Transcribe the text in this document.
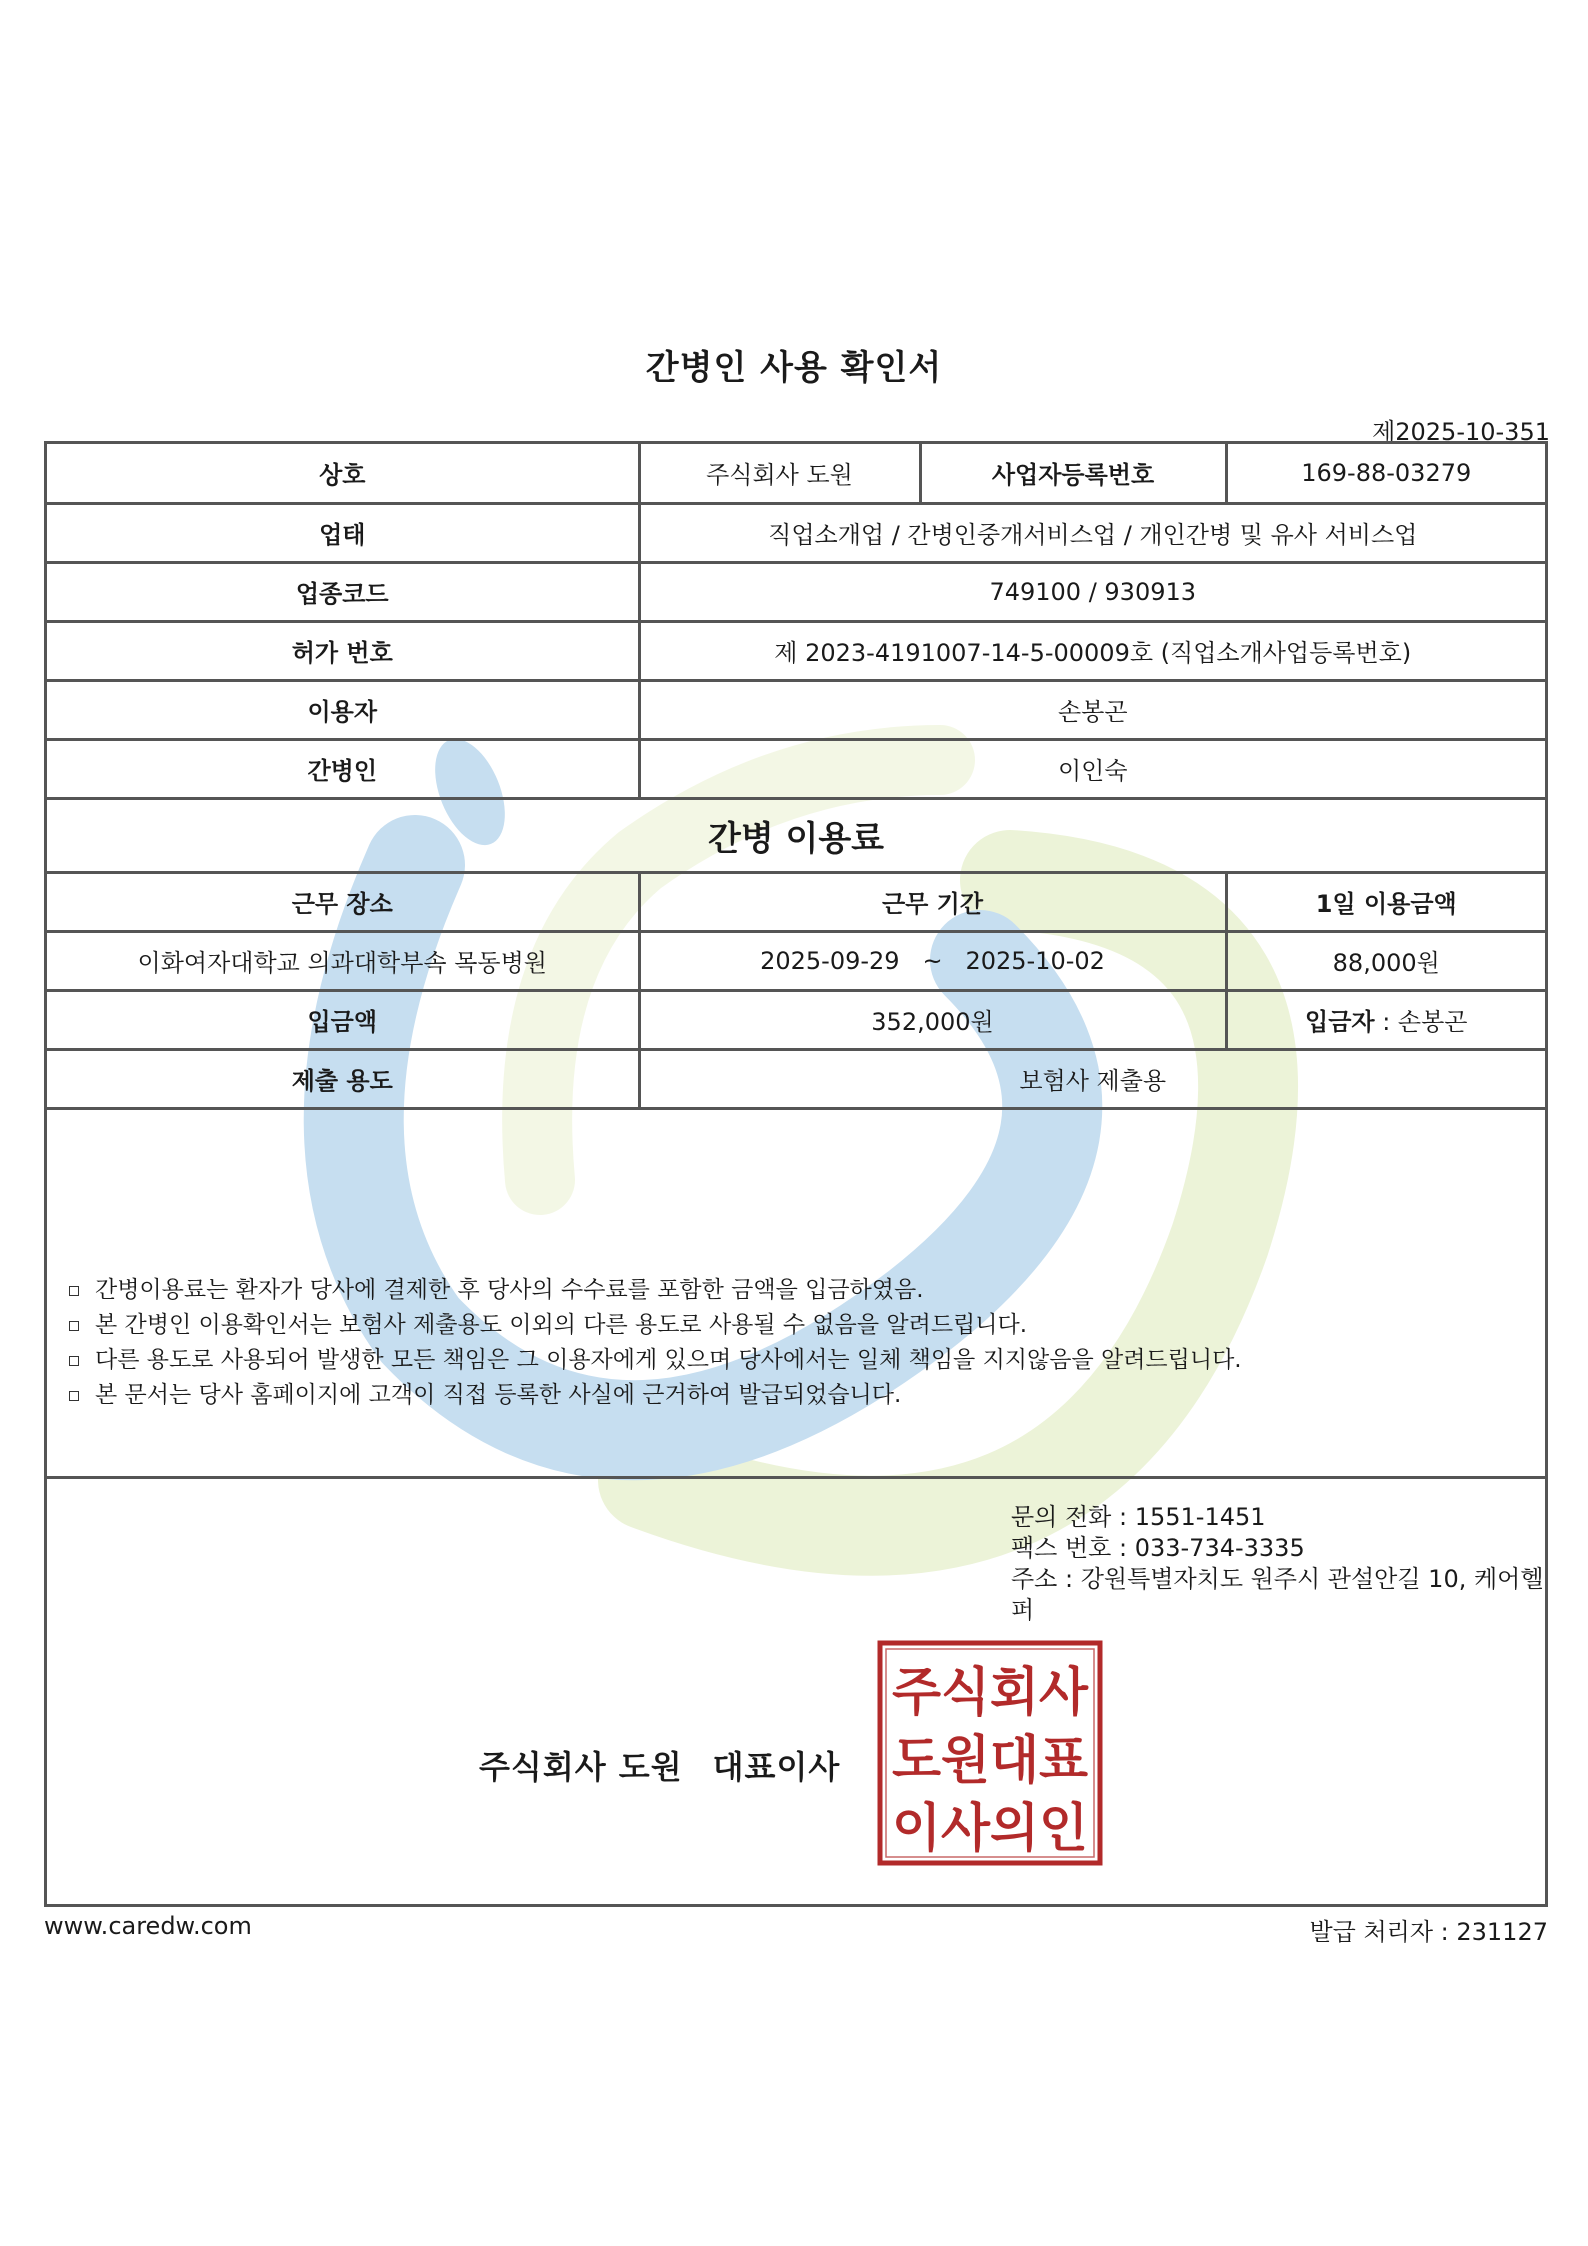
간병인 사용 확인서
제2025-10-351
상호	주식회사 도원	사업자등록번호	169-88-03279
업태	직업소개업 / 간병인중개서비스업 / 개인간병 및 유사 서비스업		
업종코드	749100 / 930913		
허가 번호	제 2023-4191007-14-5-00009호 (직업소개사업등록번호)		
이용자	손봉곤		
간병인	이인숙		
간병 이용료			
근무 장소	근무 기간		1일 이용금액
이화여자대학교 의과대학부속 목동병원	2025-09-29   ~   2025-10-02		88,000원
입금액	352,000원		입금자 : 손봉곤
제출 용도	보험사 제출용		
간병이용료는 환자가 당사에 결제한 후 당사의 수수료를 포함한 금액을 입금하였음.
본 간병인 이용확인서는 보험사 제출용도 이외의 다른 용도로 사용될 수 없음을 알려드립니다.
다른 용도로 사용되어 발생한 모든 책임은 그 이용자에게 있으며 당사에서는 일체 책임을 지지않음을 알려드립니다.
본 문서는 당사 홈페이지에 고객이 직접 등록한 사실에 근거하여 발급되었습니다.
문의 전화 : 1551-1451
팩스 번호 : 033-734-3335
주소 : 강원특별자치도 원주시 관설안길 10, 케어헬퍼
주식회사 도원 대표이사
주식회사
도원대표
이사의인
www.caredw.com	발급 처리자 : 231127
